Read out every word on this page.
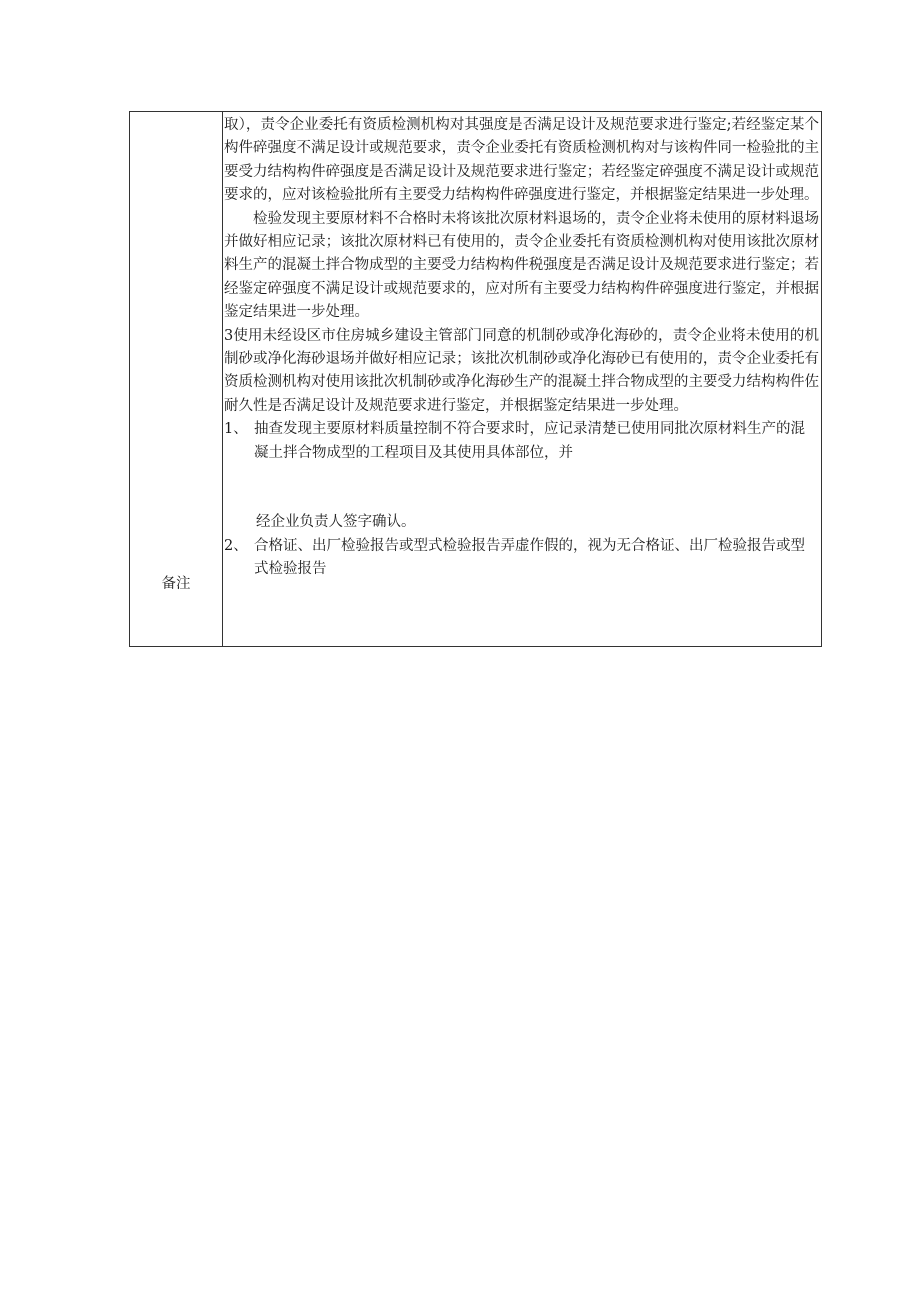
备注

取），责令企业委托有资质检测机构对其强度是否满足设计及规范要求进行鉴定;若经鉴定某个构件碎强度不满足设计或规范要求，责令企业委托有资质检测机构对与该构件同一检验批的主要受力结构构件碎强度是否满足设计及规范要求进行鉴定；若经鉴定碎强度不满足设计或规范要求的，应对该检验批所有主要受力结构构件碎强度进行鉴定，并根据鉴定结果进一步处理。

检验发现主要原材料不合格时未将该批次原材料退场的，责令企业将未使用的原材料退场并做好相应记录；该批次原材料已有使用的，责令企业委托有资质检测机构对使用该批次原材料生产的混凝土拌合物成型的主要受力结构构件税强度是否满足设计及规范要求进行鉴定；若经鉴定碎强度不满足设计或规范要求的，应对所有主要受力结构构件碎强度进行鉴定，并根据鉴定结果进一步处理。

3使用未经设区市住房城乡建设主管部门同意的机制砂或净化海砂的，责令企业将未使用的机制砂或净化海砂退场并做好相应记录；该批次机制砂或净化海砂已有使用的，责令企业委托有资质检测机构对使用该批次机制砂或净化海砂生产的混凝土拌合物成型的主要受力结构构件佐耐久性是否满足设计及规范要求进行鉴定，并根据鉴定结果进一步处理。

1、 抽查发现主要原材料质量控制不符合要求时，应记录清楚已使用同批次原材料生产的混凝土拌合物成型的工程项目及其使用具体部位，并

经企业负责人签字确认。

2、 合格证、出厂检验报告或型式检验报告弄虚作假的，视为无合格证、出厂检验报告或型式检验报告
